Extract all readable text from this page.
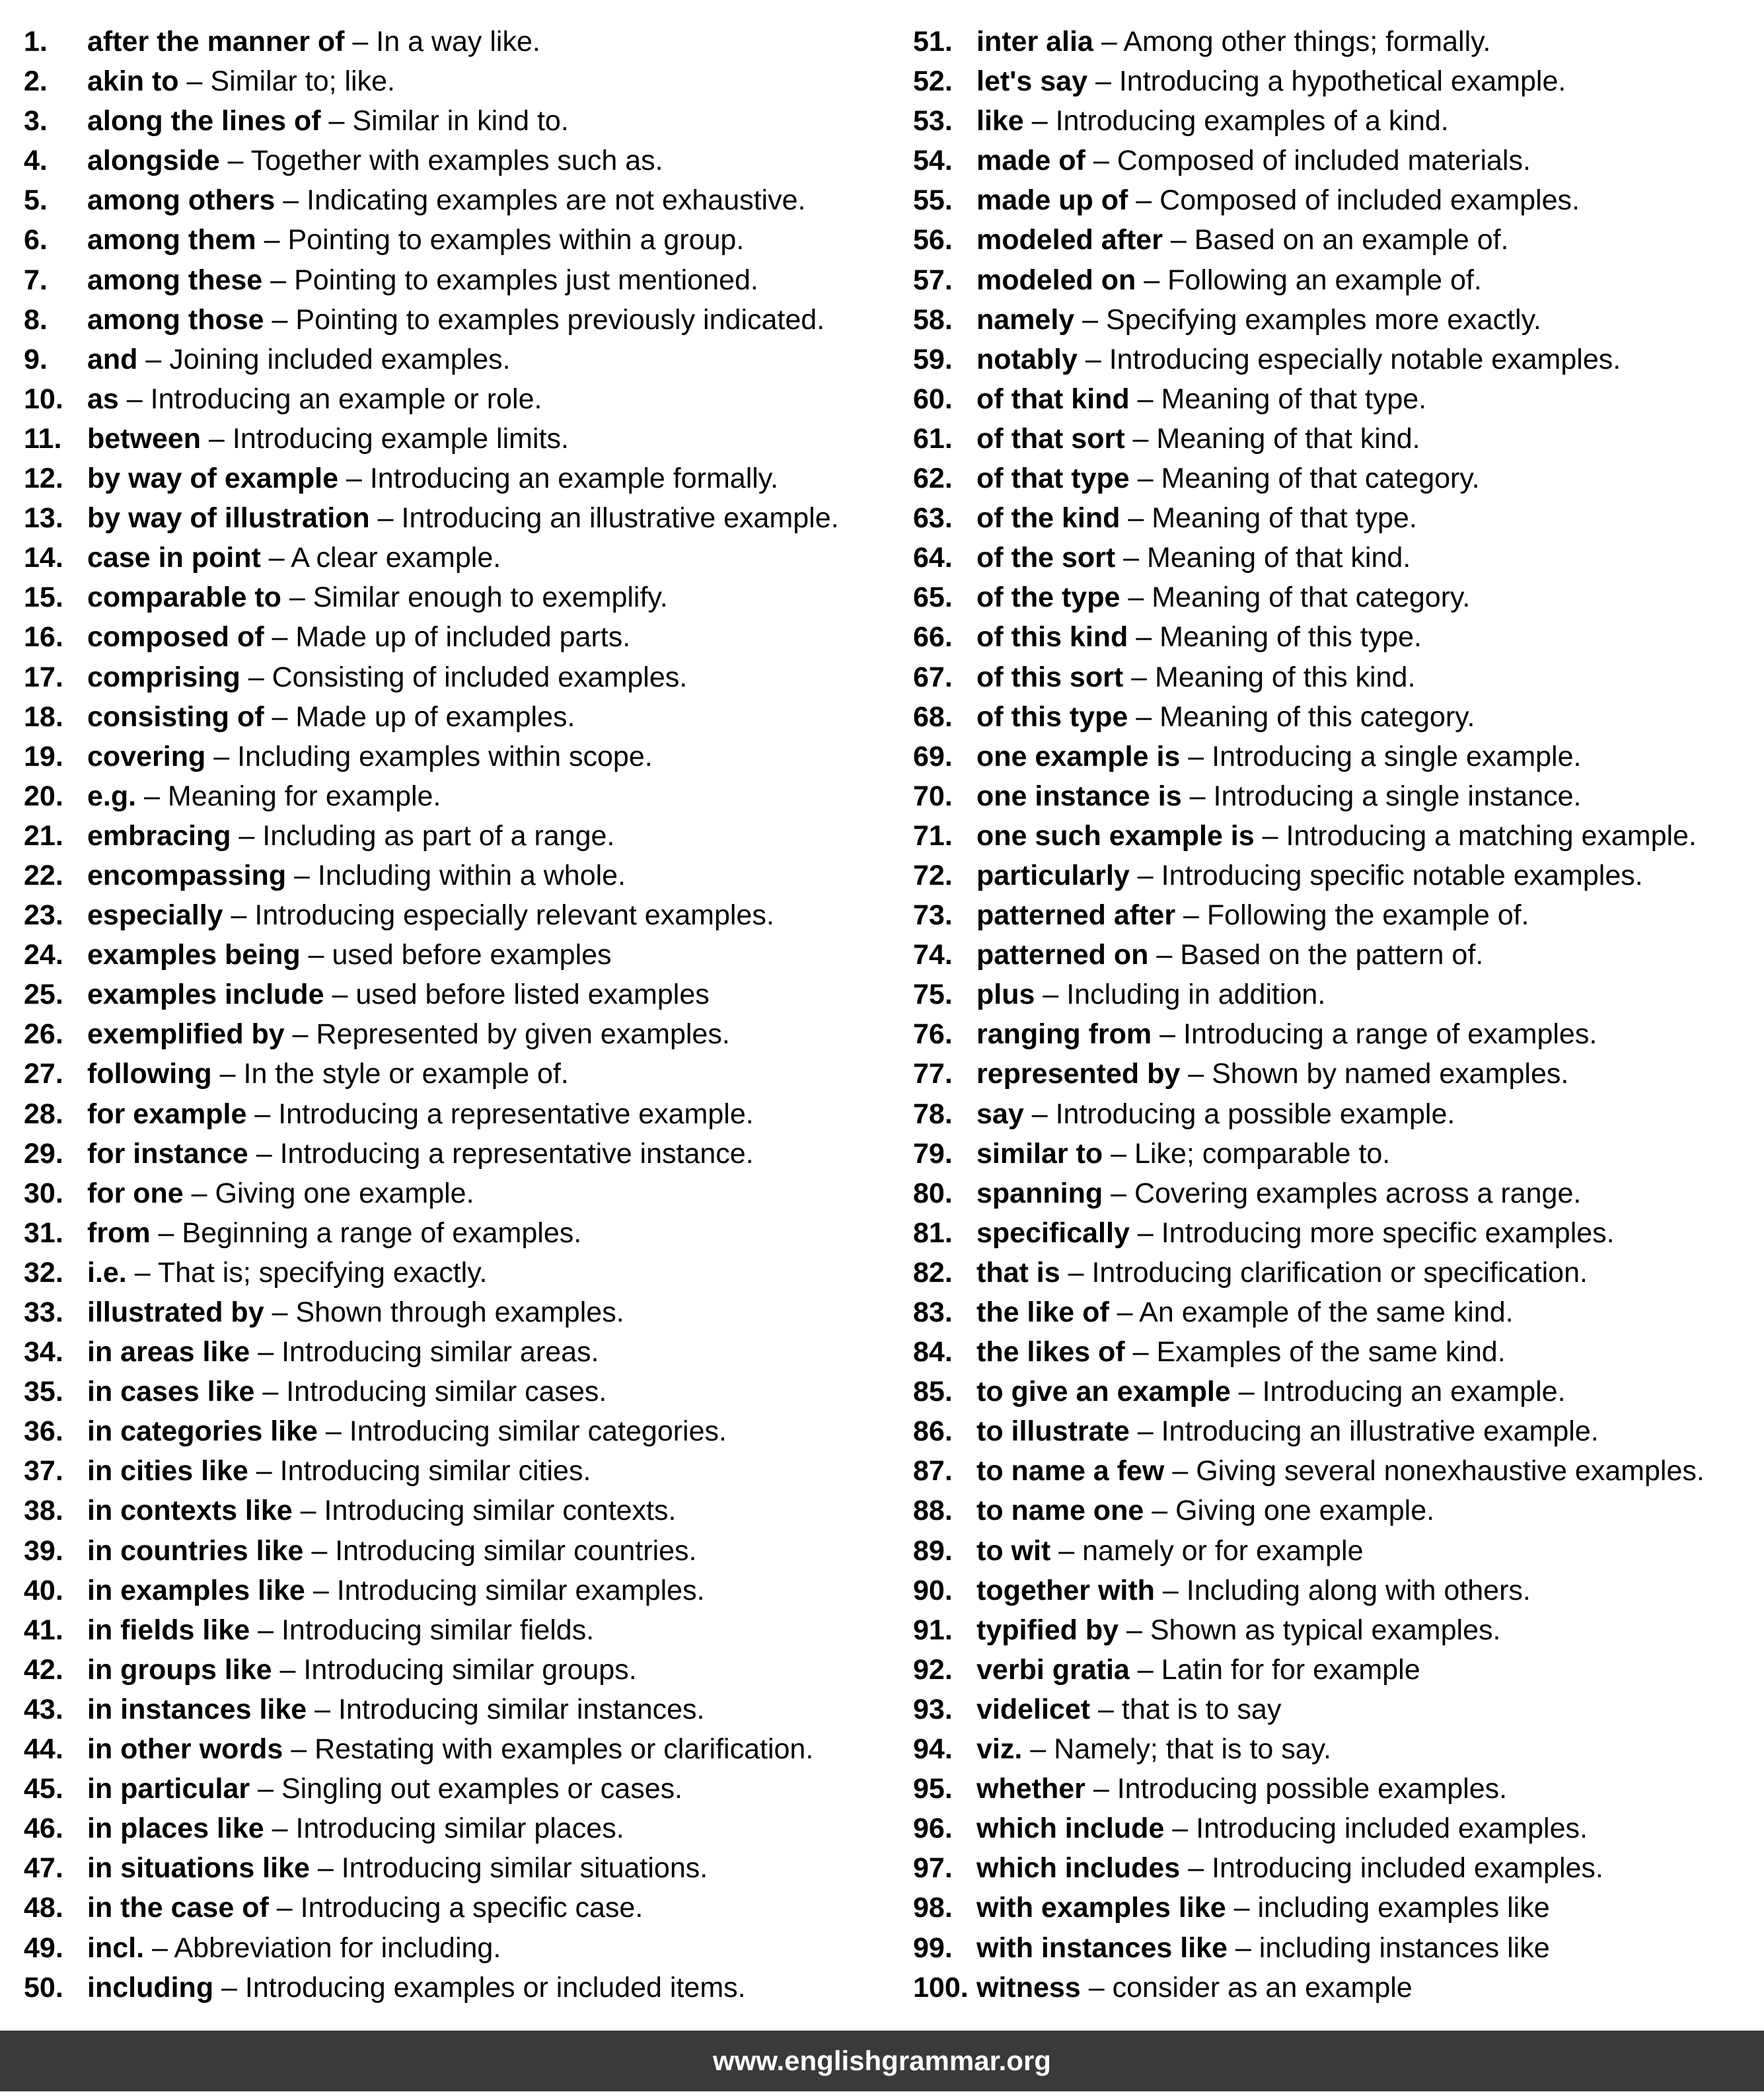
1. after the manner of – In a way like.
2. akin to – Similar to; like.
3. along the lines of – Similar in kind to.
4. alongside – Together with examples such as.
5. among others – Indicating examples are not exhaustive.
6. among them – Pointing to examples within a group.
7. among these – Pointing to examples just mentioned.
8. among those – Pointing to examples previously indicated.
9. and – Joining included examples.
10. as – Introducing an example or role.
11. between – Introducing example limits.
12. by way of example – Introducing an example formally.
13. by way of illustration – Introducing an illustrative example.
14. case in point – A clear example.
15. comparable to – Similar enough to exemplify.
16. composed of – Made up of included parts.
17. comprising – Consisting of included examples.
18. consisting of – Made up of examples.
19. covering – Including examples within scope.
20. e.g. – Meaning for example.
21. embracing – Including as part of a range.
22. encompassing – Including within a whole.
23. especially – Introducing especially relevant examples.
24. examples being – used before examples
25. examples include – used before listed examples
26. exemplified by – Represented by given examples.
27. following – In the style or example of.
28. for example – Introducing a representative example.
29. for instance – Introducing a representative instance.
30. for one – Giving one example.
31. from – Beginning a range of examples.
32. i.e. – That is; specifying exactly.
33. illustrated by – Shown through examples.
34. in areas like – Introducing similar areas.
35. in cases like – Introducing similar cases.
36. in categories like – Introducing similar categories.
37. in cities like – Introducing similar cities.
38. in contexts like – Introducing similar contexts.
39. in countries like – Introducing similar countries.
40. in examples like – Introducing similar examples.
41. in fields like – Introducing similar fields.
42. in groups like – Introducing similar groups.
43. in instances like – Introducing similar instances.
44. in other words – Restating with examples or clarification.
45. in particular – Singling out examples or cases.
46. in places like – Introducing similar places.
47. in situations like – Introducing similar situations.
48. in the case of – Introducing a specific case.
49. incl. – Abbreviation for including.
50. including – Introducing examples or included items.
51. inter alia – Among other things; formally.
52. let's say – Introducing a hypothetical example.
53. like – Introducing examples of a kind.
54. made of – Composed of included materials.
55. made up of – Composed of included examples.
56. modeled after – Based on an example of.
57. modeled on – Following an example of.
58. namely – Specifying examples more exactly.
59. notably – Introducing especially notable examples.
60. of that kind – Meaning of that type.
61. of that sort – Meaning of that kind.
62. of that type – Meaning of that category.
63. of the kind – Meaning of that type.
64. of the sort – Meaning of that kind.
65. of the type – Meaning of that category.
66. of this kind – Meaning of this type.
67. of this sort – Meaning of this kind.
68. of this type – Meaning of this category.
69. one example is – Introducing a single example.
70. one instance is – Introducing a single instance.
71. one such example is – Introducing a matching example.
72. particularly – Introducing specific notable examples.
73. patterned after – Following the example of.
74. patterned on – Based on the pattern of.
75. plus – Including in addition.
76. ranging from – Introducing a range of examples.
77. represented by – Shown by named examples.
78. say – Introducing a possible example.
79. similar to – Like; comparable to.
80. spanning – Covering examples across a range.
81. specifically – Introducing more specific examples.
82. that is – Introducing clarification or specification.
83. the like of – An example of the same kind.
84. the likes of – Examples of the same kind.
85. to give an example – Introducing an example.
86. to illustrate – Introducing an illustrative example.
87. to name a few – Giving several nonexhaustive examples.
88. to name one – Giving one example.
89. to wit – namely or for example
90. together with – Including along with others.
91. typified by – Shown as typical examples.
92. verbi gratia – Latin for for example
93. videlicet – that is to say
94. viz. – Namely; that is to say.
95. whether – Introducing possible examples.
96. which include – Introducing included examples.
97. which includes – Introducing included examples.
98. with examples like – including examples like
99. with instances like – including instances like
100. witness – consider as an example
www.englishgrammar.org
